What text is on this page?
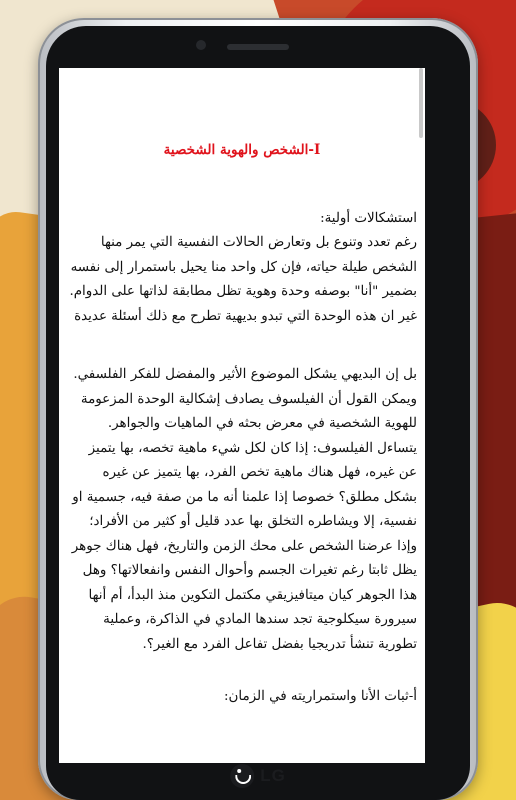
I-الشخص والهوية الشخصية

استشكالات أولية:
رغم تعدد وتنوع بل وتعارض الحالات النفسية التي يمر منها الشخص طيلة حياته، فإن كل واحد منا يحيل باستمرار إلى نفسه بضمير "أنا" بوصفه وحدة وهوية تظل مطابقة لذاتها على الدوام. غير ان هذه الوحدة التي تبدو بديهية تطرح مع ذلك أسئلة عديدة

بل إن البديهي يشكل الموضوع الأثير والمفضل للفكر الفلسفي. ويمكن القول أن الفيلسوف يصادف إشكالية الوحدة المزعومة للهوية الشخصية في معرض بحثه في الماهيات والجواهر. يتساءل الفيلسوف: إذا كان لكل شيء ماهية تخصه، بها يتميز عن غيره، فهل هناك ماهية تخص الفرد، بها يتميز عن غيره بشكل مطلق؟ خصوصا إذا علمنا أنه ما من صفة فيه، جسمية او نفسية، إلا ويشاطره التخلق بها عدد قليل أو كثير من الأفراد؛ وإذا عرضنا الشخص على محك الزمن والتاريخ، فهل هناك جوهر يظل ثابتا رغم تغيرات الجسم وأحوال النفس وانفعالاتها؟ وهل هذا الجوهر كيان ميتافيزيقي مكتمل التكوين منذ البدأ، أم أنها سيرورة سيكلوجية تجد سندها المادي في الذاكرة، وعملية تطورية تنشأ تدريجيا بفضل تفاعل الفرد مع الغير؟.

أ-ثبات الأنا واستمراريته في الزمان:

LG
